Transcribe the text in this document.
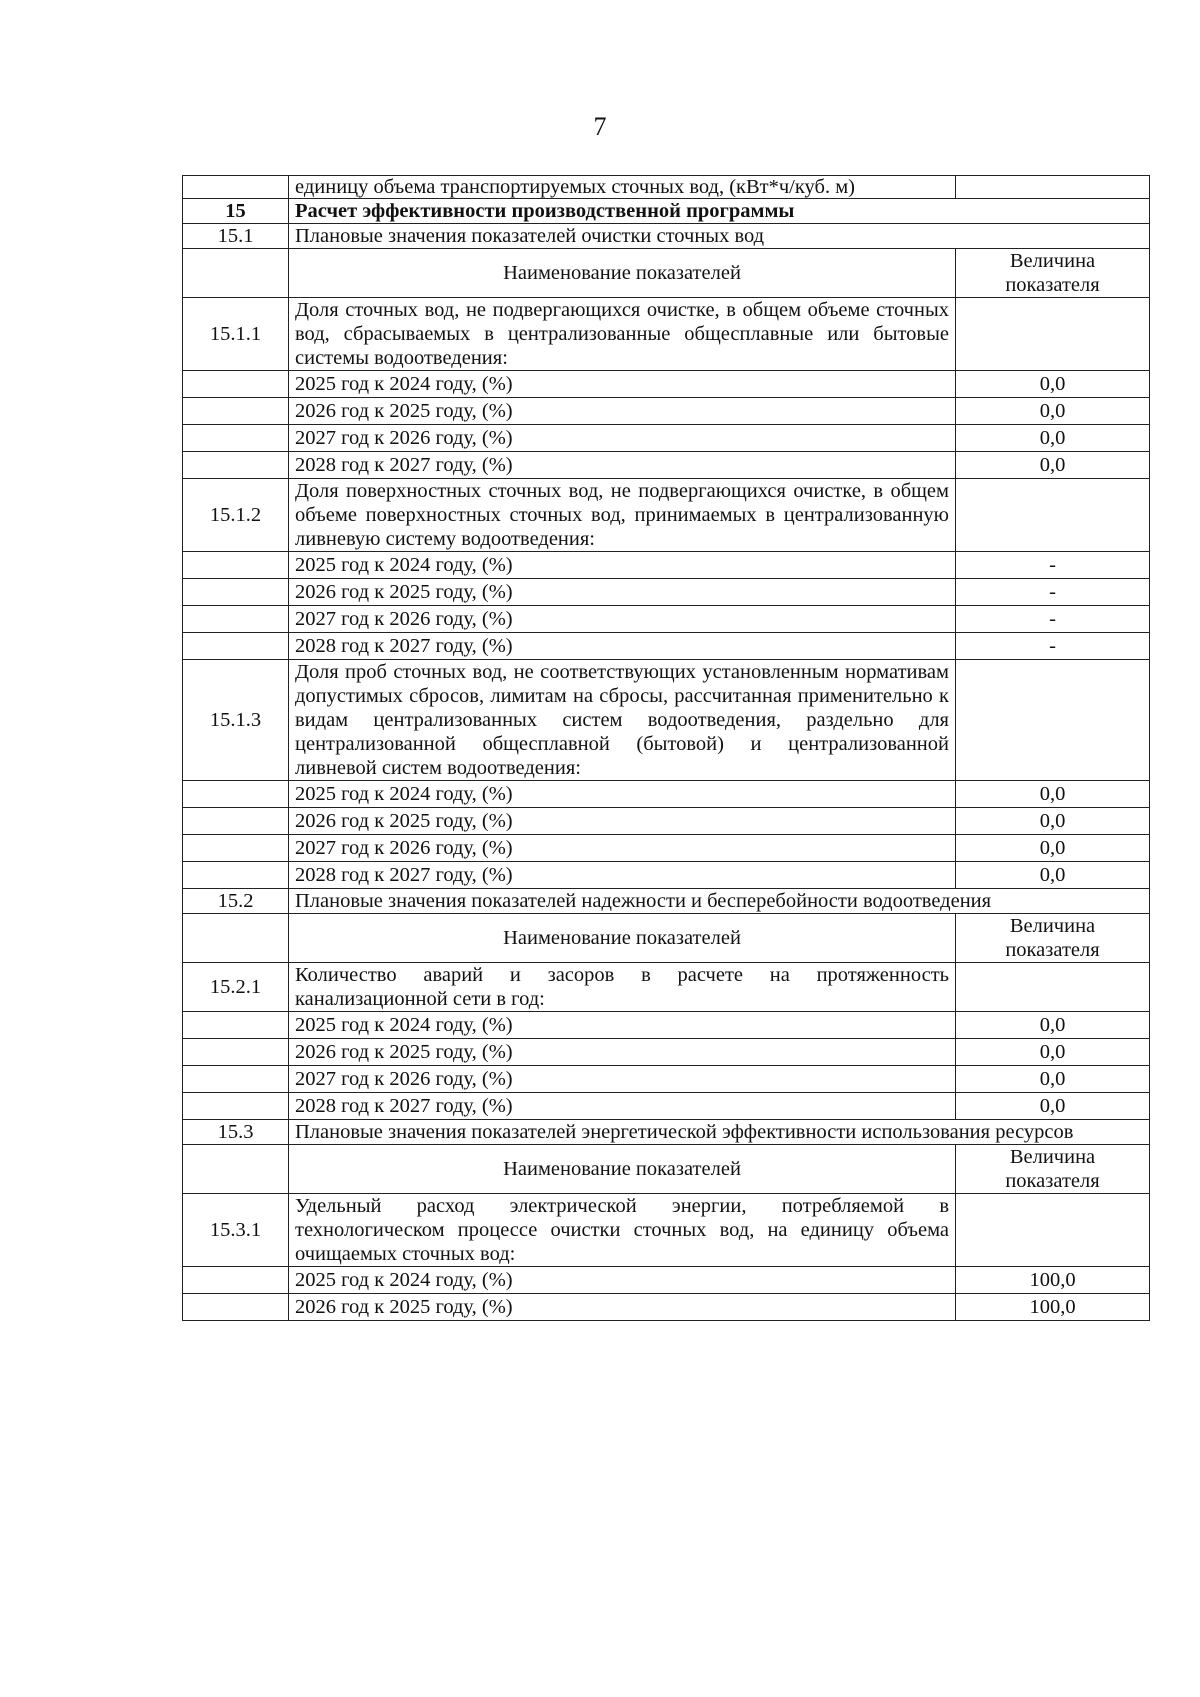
7
	единицу объема транспортируемых сточных вод, (кВт*ч/куб. м)	
15	Расчет эффективности производственной программы	
15.1	Плановые значения показателей очистки сточных вод	
	Наименование показателей	Величина показателя
15.1.1	Доля сточных вод, не подвергающихся очистке, в общем объеме сточных вод, сбрасываемых в централизованные общесплавные или бытовые системы водоотведения:	
	2025 год к 2024 году, (%)	0,0
	2026 год к 2025 году, (%)	0,0
	2027 год к 2026 году, (%)	0,0
	2028 год к 2027 году, (%)	0,0
15.1.2	Доля поверхностных сточных вод, не подвергающихся очистке, в общем объеме поверхностных сточных вод, принимаемых в централизованную ливневую систему водоотведения:	
	2025 год к 2024 году, (%)	-
	2026 год к 2025 году, (%)	-
	2027 год к 2026 году, (%)	-
	2028 год к 2027 году, (%)	-
15.1.3	Доля проб сточных вод, не соответствующих установленным нормативам допустимых сбросов, лимитам на сбросы, рассчитанная применительно к видам централизованных систем водоотведения, раздельно для централизованной общесплавной (бытовой) и централизованной ливневой систем водоотведения:	
	2025 год к 2024 году, (%)	0,0
	2026 год к 2025 году, (%)	0,0
	2027 год к 2026 году, (%)	0,0
	2028 год к 2027 году, (%)	0,0
15.2	Плановые значения показателей надежности и бесперебойности водоотведения	
	Наименование показателей	Величина показателя
15.2.1	Количество аварий и засоров в расчете на протяженность канализационной сети в год:	
	2025 год к 2024 году, (%)	0,0
	2026 год к 2025 году, (%)	0,0
	2027 год к 2026 году, (%)	0,0
	2028 год к 2027 году, (%)	0,0
15.3	Плановые значения показателей энергетической эффективности использования ресурсов	
	Наименование показателей	Величина показателя
15.3.1	Удельный расход электрической энергии, потребляемой в технологическом процессе очистки сточных вод, на единицу объема очищаемых сточных вод:	
	2025 год к 2024 году, (%)	100,0
	2026 год к 2025 году, (%)	100,0
